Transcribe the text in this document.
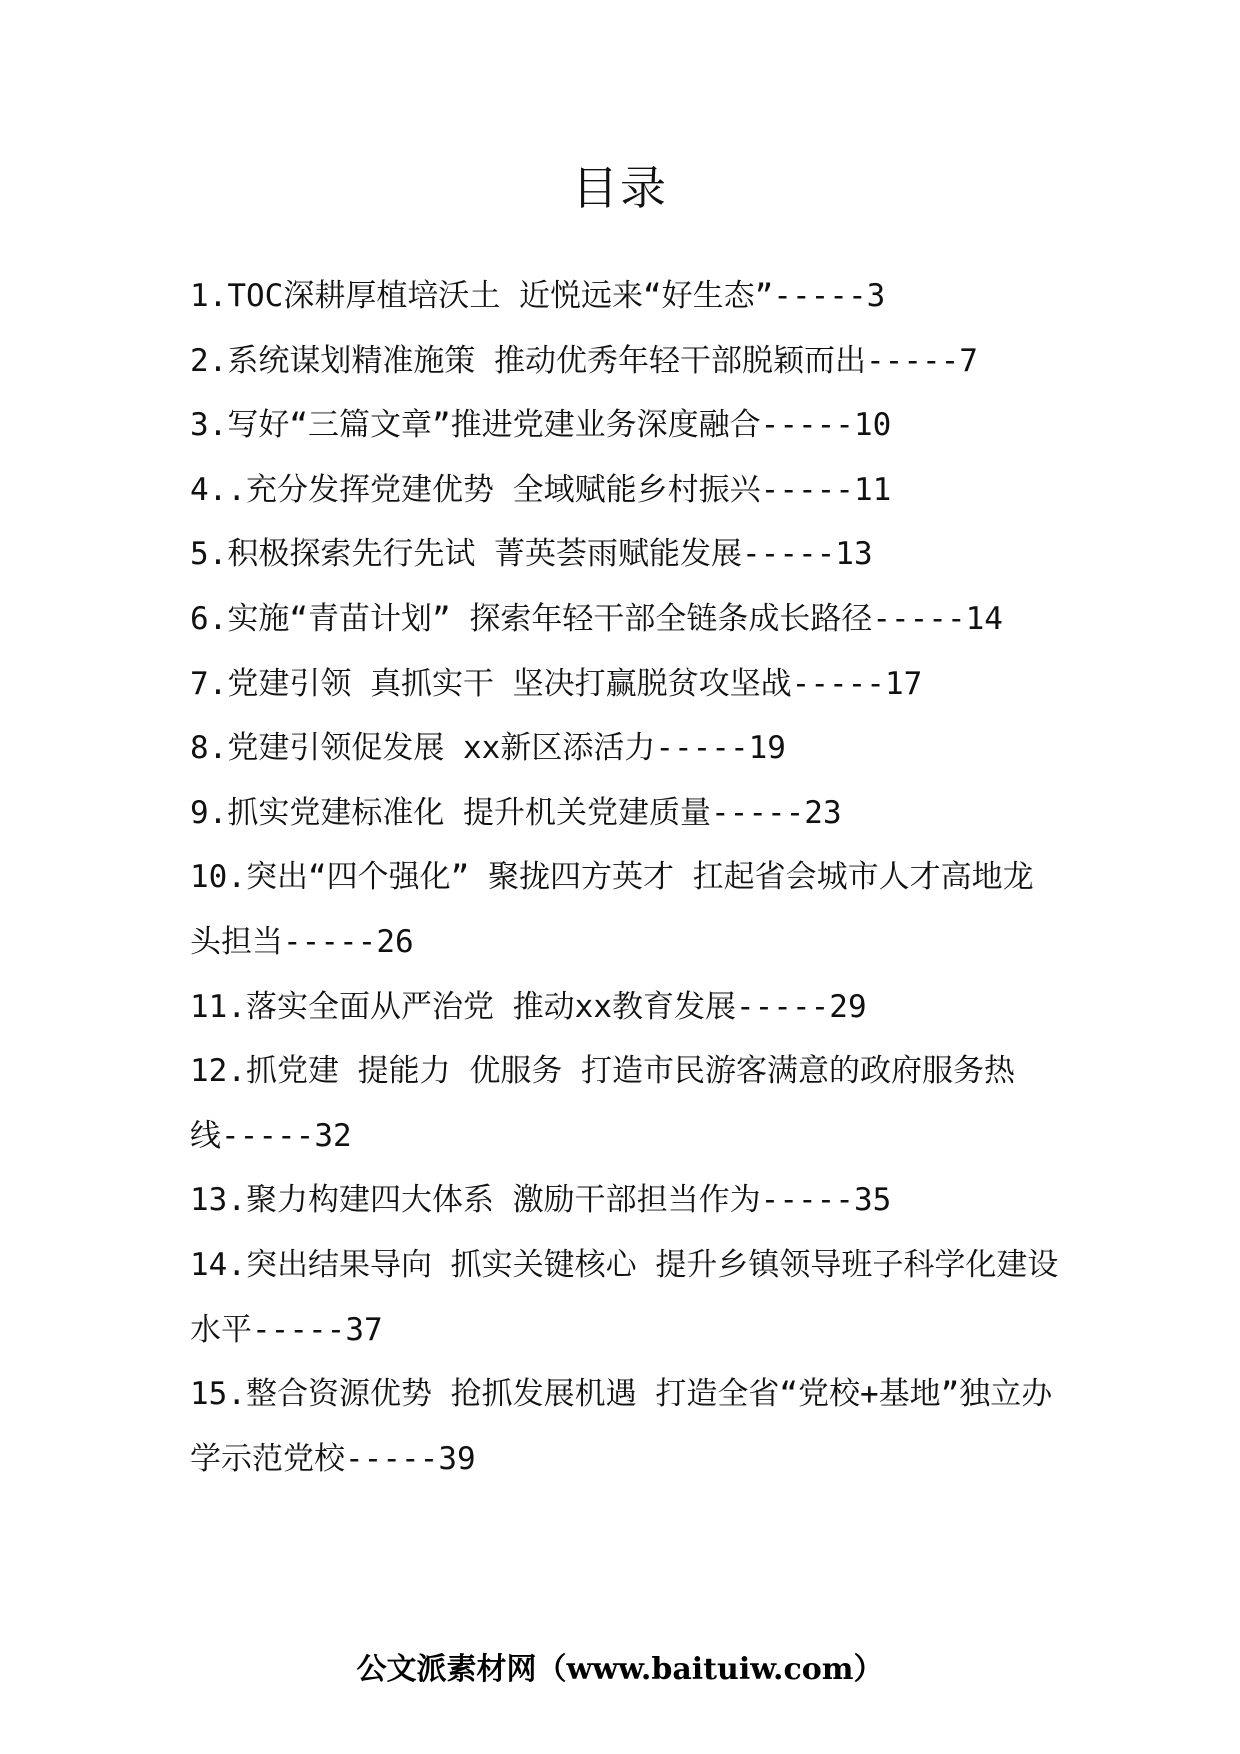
目录
1.TOC深耕厚植培沃土 近悦远来“好生态”-----3
2.系统谋划精准施策 推动优秀年轻干部脱颖而出-----7
3.写好“三篇文章”推进党建业务深度融合-----10
4..充分发挥党建优势 全域赋能乡村振兴-----11
5.积极探索先行先试 菁英荟雨赋能发展-----13
6.实施“青苗计划” 探索年轻干部全链条成长路径-----14
7.党建引领 真抓实干 坚决打赢脱贫攻坚战-----17
8.党建引领促发展 xx新区添活力-----19
9.抓实党建标准化 提升机关党建质量-----23
10.突出“四个强化” 聚拢四方英才 扛起省会城市人才高地龙头担当-----26
11.落实全面从严治党 推动xx教育发展-----29
12.抓党建 提能力 优服务 打造市民游客满意的政府服务热线-----32
13.聚力构建四大体系 激励干部担当作为-----35
14.突出结果导向 抓实关键核心 提升乡镇领导班子科学化建设水平-----37
15.整合资源优势 抢抓发展机遇 打造全省“党校+基地”独立办学示范党校-----39
公文派素材网（www.baituiw.com）
